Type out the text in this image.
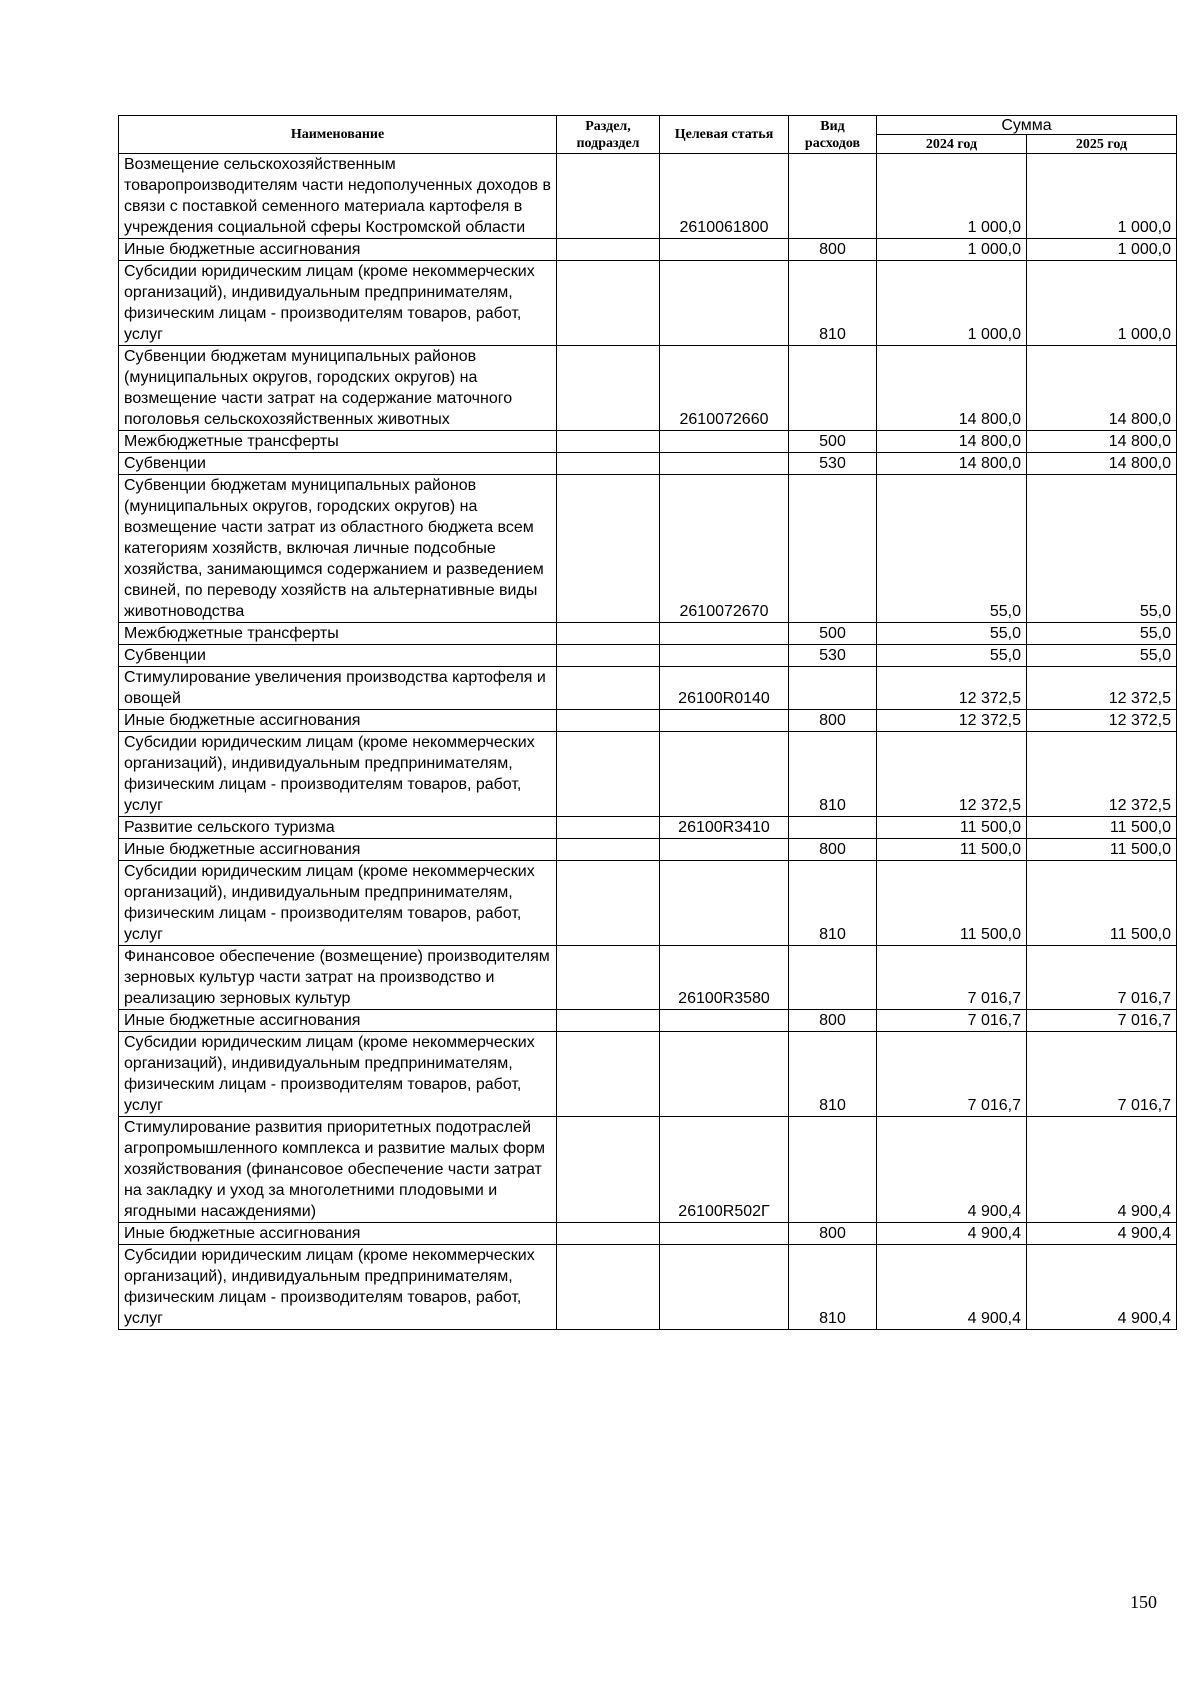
Наименование	Раздел, подраздел	Целевая статья	Вид расходов	Сумма	
				2024 год	2025 год
Возмещение сельскохозяйственным товаропроизводителям части недополученных доходов в связи с поставкой семенного материала картофеля в учреждения социальной сферы Костромской области		2610061800		1 000,0	1 000,0
Иные бюджетные ассигнования			800	1 000,0	1 000,0
Субсидии юридическим лицам (кроме некоммерческих организаций), индивидуальным предпринимателям, физическим лицам - производителям товаров, работ, услуг			810	1 000,0	1 000,0
Субвенции бюджетам муниципальных районов (муниципальных округов, городских округов) на возмещение части затрат на содержание маточного поголовья сельскохозяйственных животных		2610072660		14 800,0	14 800,0
Межбюджетные трансферты			500	14 800,0	14 800,0
Субвенции			530	14 800,0	14 800,0
Субвенции бюджетам муниципальных районов (муниципальных округов, городских округов) на возмещение части затрат из областного бюджета всем категориям хозяйств, включая личные подсобные хозяйства, занимающимся содержанием и разведением свиней, по переводу хозяйств на альтернативные виды животноводства		2610072670		55,0	55,0
Межбюджетные трансферты			500	55,0	55,0
Субвенции			530	55,0	55,0
Стимулирование увеличения производства картофеля и овощей		26100R0140		12 372,5	12 372,5
Иные бюджетные ассигнования			800	12 372,5	12 372,5
Субсидии юридическим лицам (кроме некоммерческих организаций), индивидуальным предпринимателям, физическим лицам - производителям товаров, работ, услуг			810	12 372,5	12 372,5
Развитие сельского туризма		26100R3410		11 500,0	11 500,0
Иные бюджетные ассигнования			800	11 500,0	11 500,0
Субсидии юридическим лицам (кроме некоммерческих организаций), индивидуальным предпринимателям, физическим лицам - производителям товаров, работ, услуг			810	11 500,0	11 500,0
Финансовое обеспечение (возмещение) производителям зерновых культур части затрат на производство и реализацию зерновых культур		26100R3580		7 016,7	7 016,7
Иные бюджетные ассигнования			800	7 016,7	7 016,7
Субсидии юридическим лицам (кроме некоммерческих организаций), индивидуальным предпринимателям, физическим лицам - производителям товаров, работ, услуг			810	7 016,7	7 016,7
Стимулирование развития приоритетных подотраслей агропромышленного комплекса и развитие малых форм хозяйствования (финансовое обеспечение части затрат на закладку и уход за многолетними плодовыми и ягодными насаждениями)		26100R502Г		4 900,4	4 900,4
Иные бюджетные ассигнования			800	4 900,4	4 900,4
Субсидии юридическим лицам (кроме некоммерческих организаций), индивидуальным предпринимателям, физическим лицам - производителям товаров, работ, услуг			810	4 900,4	4 900,4
150
